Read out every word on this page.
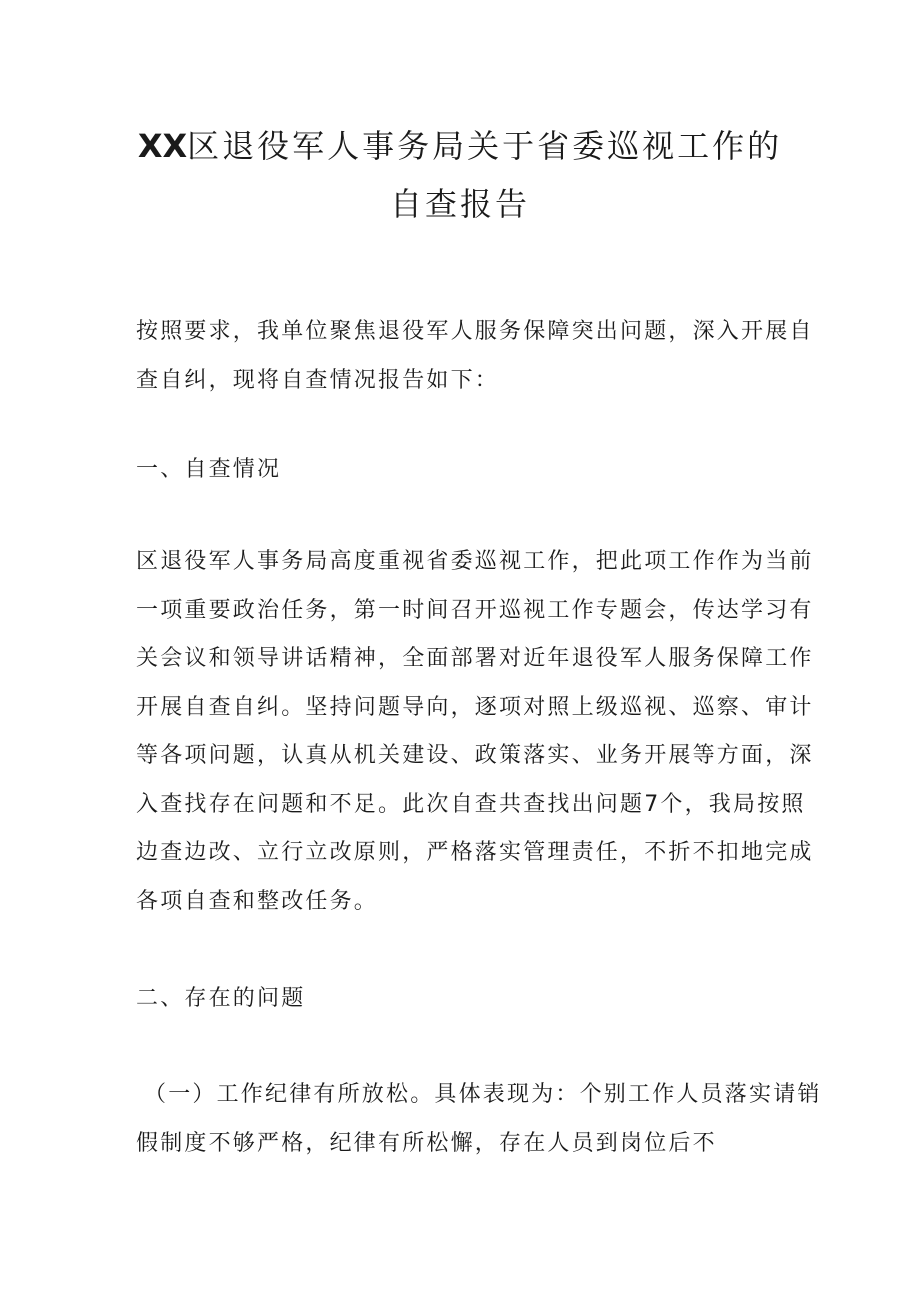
XX区退役军人事务局关于省委巡视工作的
自查报告
按照要求，我单位聚焦退役军人服务保障突出问题，深入开展自
查自纠，现将自查情况报告如下：
一、自查情况
区退役军人事务局高度重视省委巡视工作，把此项工作作为当前
一项重要政治任务，第一时间召开巡视工作专题会，传达学习有
关会议和领导讲话精神，全面部署对近年退役军人服务保障工作
开展自查自纠。坚持问题导向，逐项对照上级巡视、巡察、审计
等各项问题，认真从机关建设、政策落实、业务开展等方面，深
入查找存在问题和不足。此次自查共查找出问题7个，我局按照
边查边改、立行立改原则，严格落实管理责任，不折不扣地完成
各项自查和整改任务。
二、存在的问题
（一）工作纪律有所放松。具体表现为：个别工作人员落实请销
假制度不够严格，纪律有所松懈，存在人员到岗位后不
